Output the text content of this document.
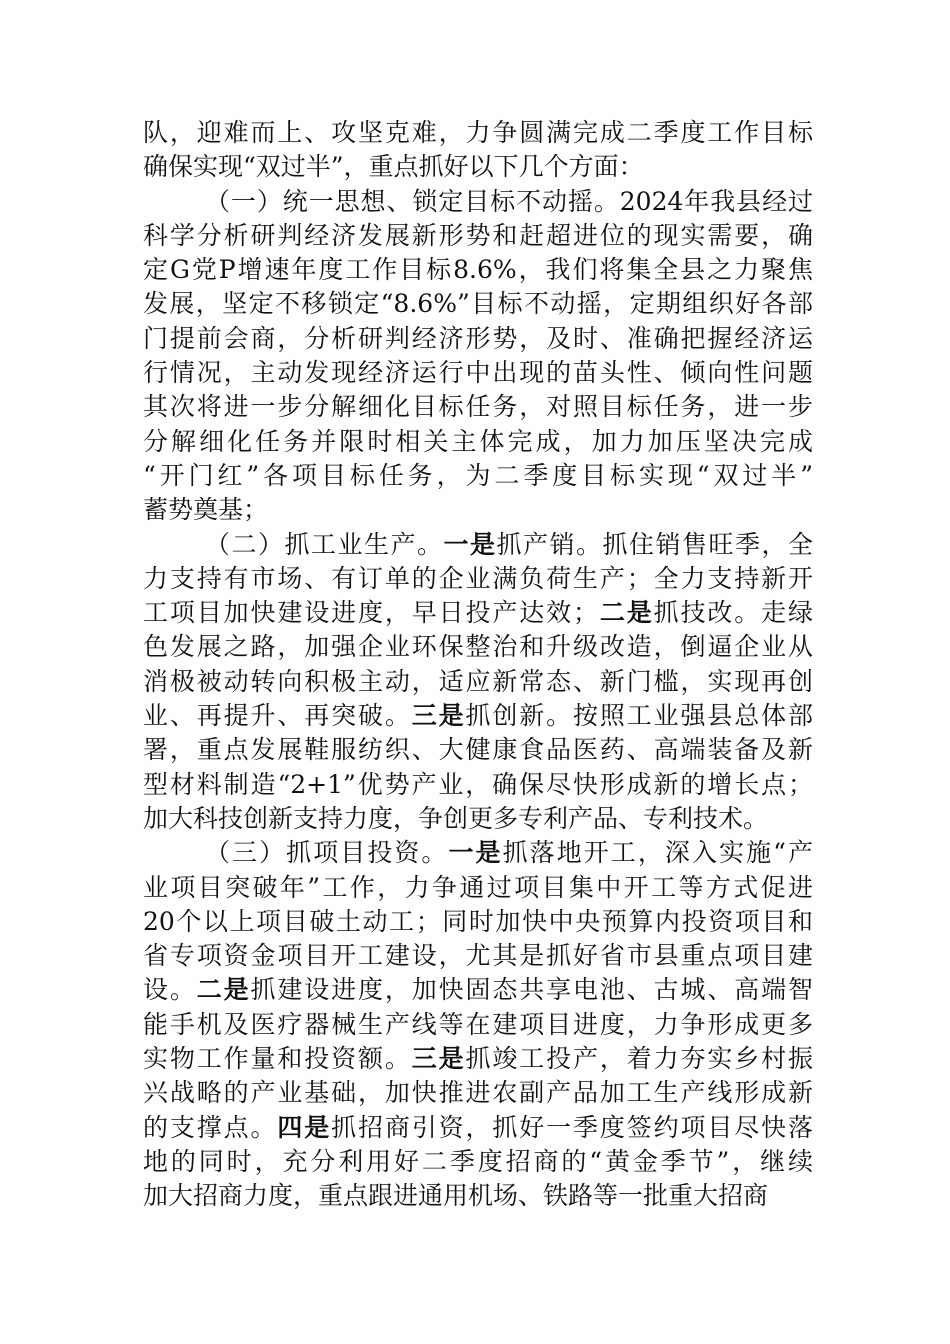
队，迎难而上、攻坚克难，力争圆满完成二季度工作目标
确保实现“双过半”，重点抓好以下几个方面：
（一）统一思想、锁定目标不动摇。2024年我县经过
科学分析研判经济发展新形势和赶超进位的现实需要，确
定G党P增速年度工作目标8.6%，我们将集全县之力聚焦
发展，坚定不移锁定“8.6%”目标不动摇，定期组织好各部
门提前会商，分析研判经济形势，及时、准确把握经济运
行情况，主动发现经济运行中出现的苗头性、倾向性问题
其次将进一步分解细化目标任务，对照目标任务，进一步
分解细化任务并限时相关主体完成，加力加压坚决完成
“开门红”各项目标任务，为二季度目标实现“双过半”
蓄势奠基；
（二）抓工业生产。一是抓产销。抓住销售旺季，全
力支持有市场、有订单的企业满负荷生产；全力支持新开
工项目加快建设进度，早日投产达效；二是抓技改。走绿
色发展之路，加强企业环保整治和升级改造，倒逼企业从
消极被动转向积极主动，适应新常态、新门槛，实现再创
业、再提升、再突破。三是抓创新。按照工业强县总体部
署，重点发展鞋服纺织、大健康食品医药、高端装备及新
型材料制造“2+1”优势产业，确保尽快形成新的增长点；
加大科技创新支持力度，争创更多专利产品、专利技术。
（三）抓项目投资。一是抓落地开工，深入实施“产
业项目突破年”工作，力争通过项目集中开工等方式促进
20个以上项目破土动工；同时加快中央预算内投资项目和
省专项资金项目开工建设，尤其是抓好省市县重点项目建
设。二是抓建设进度，加快固态共享电池、古城、高端智
能手机及医疗器械生产线等在建项目进度，力争形成更多
实物工作量和投资额。三是抓竣工投产，着力夯实乡村振
兴战略的产业基础，加快推进农副产品加工生产线形成新
的支撑点。四是抓招商引资，抓好一季度签约项目尽快落
地的同时，充分利用好二季度招商的“黄金季节”，继续
加大招商力度，重点跟进通用机场、铁路等一批重大招商
